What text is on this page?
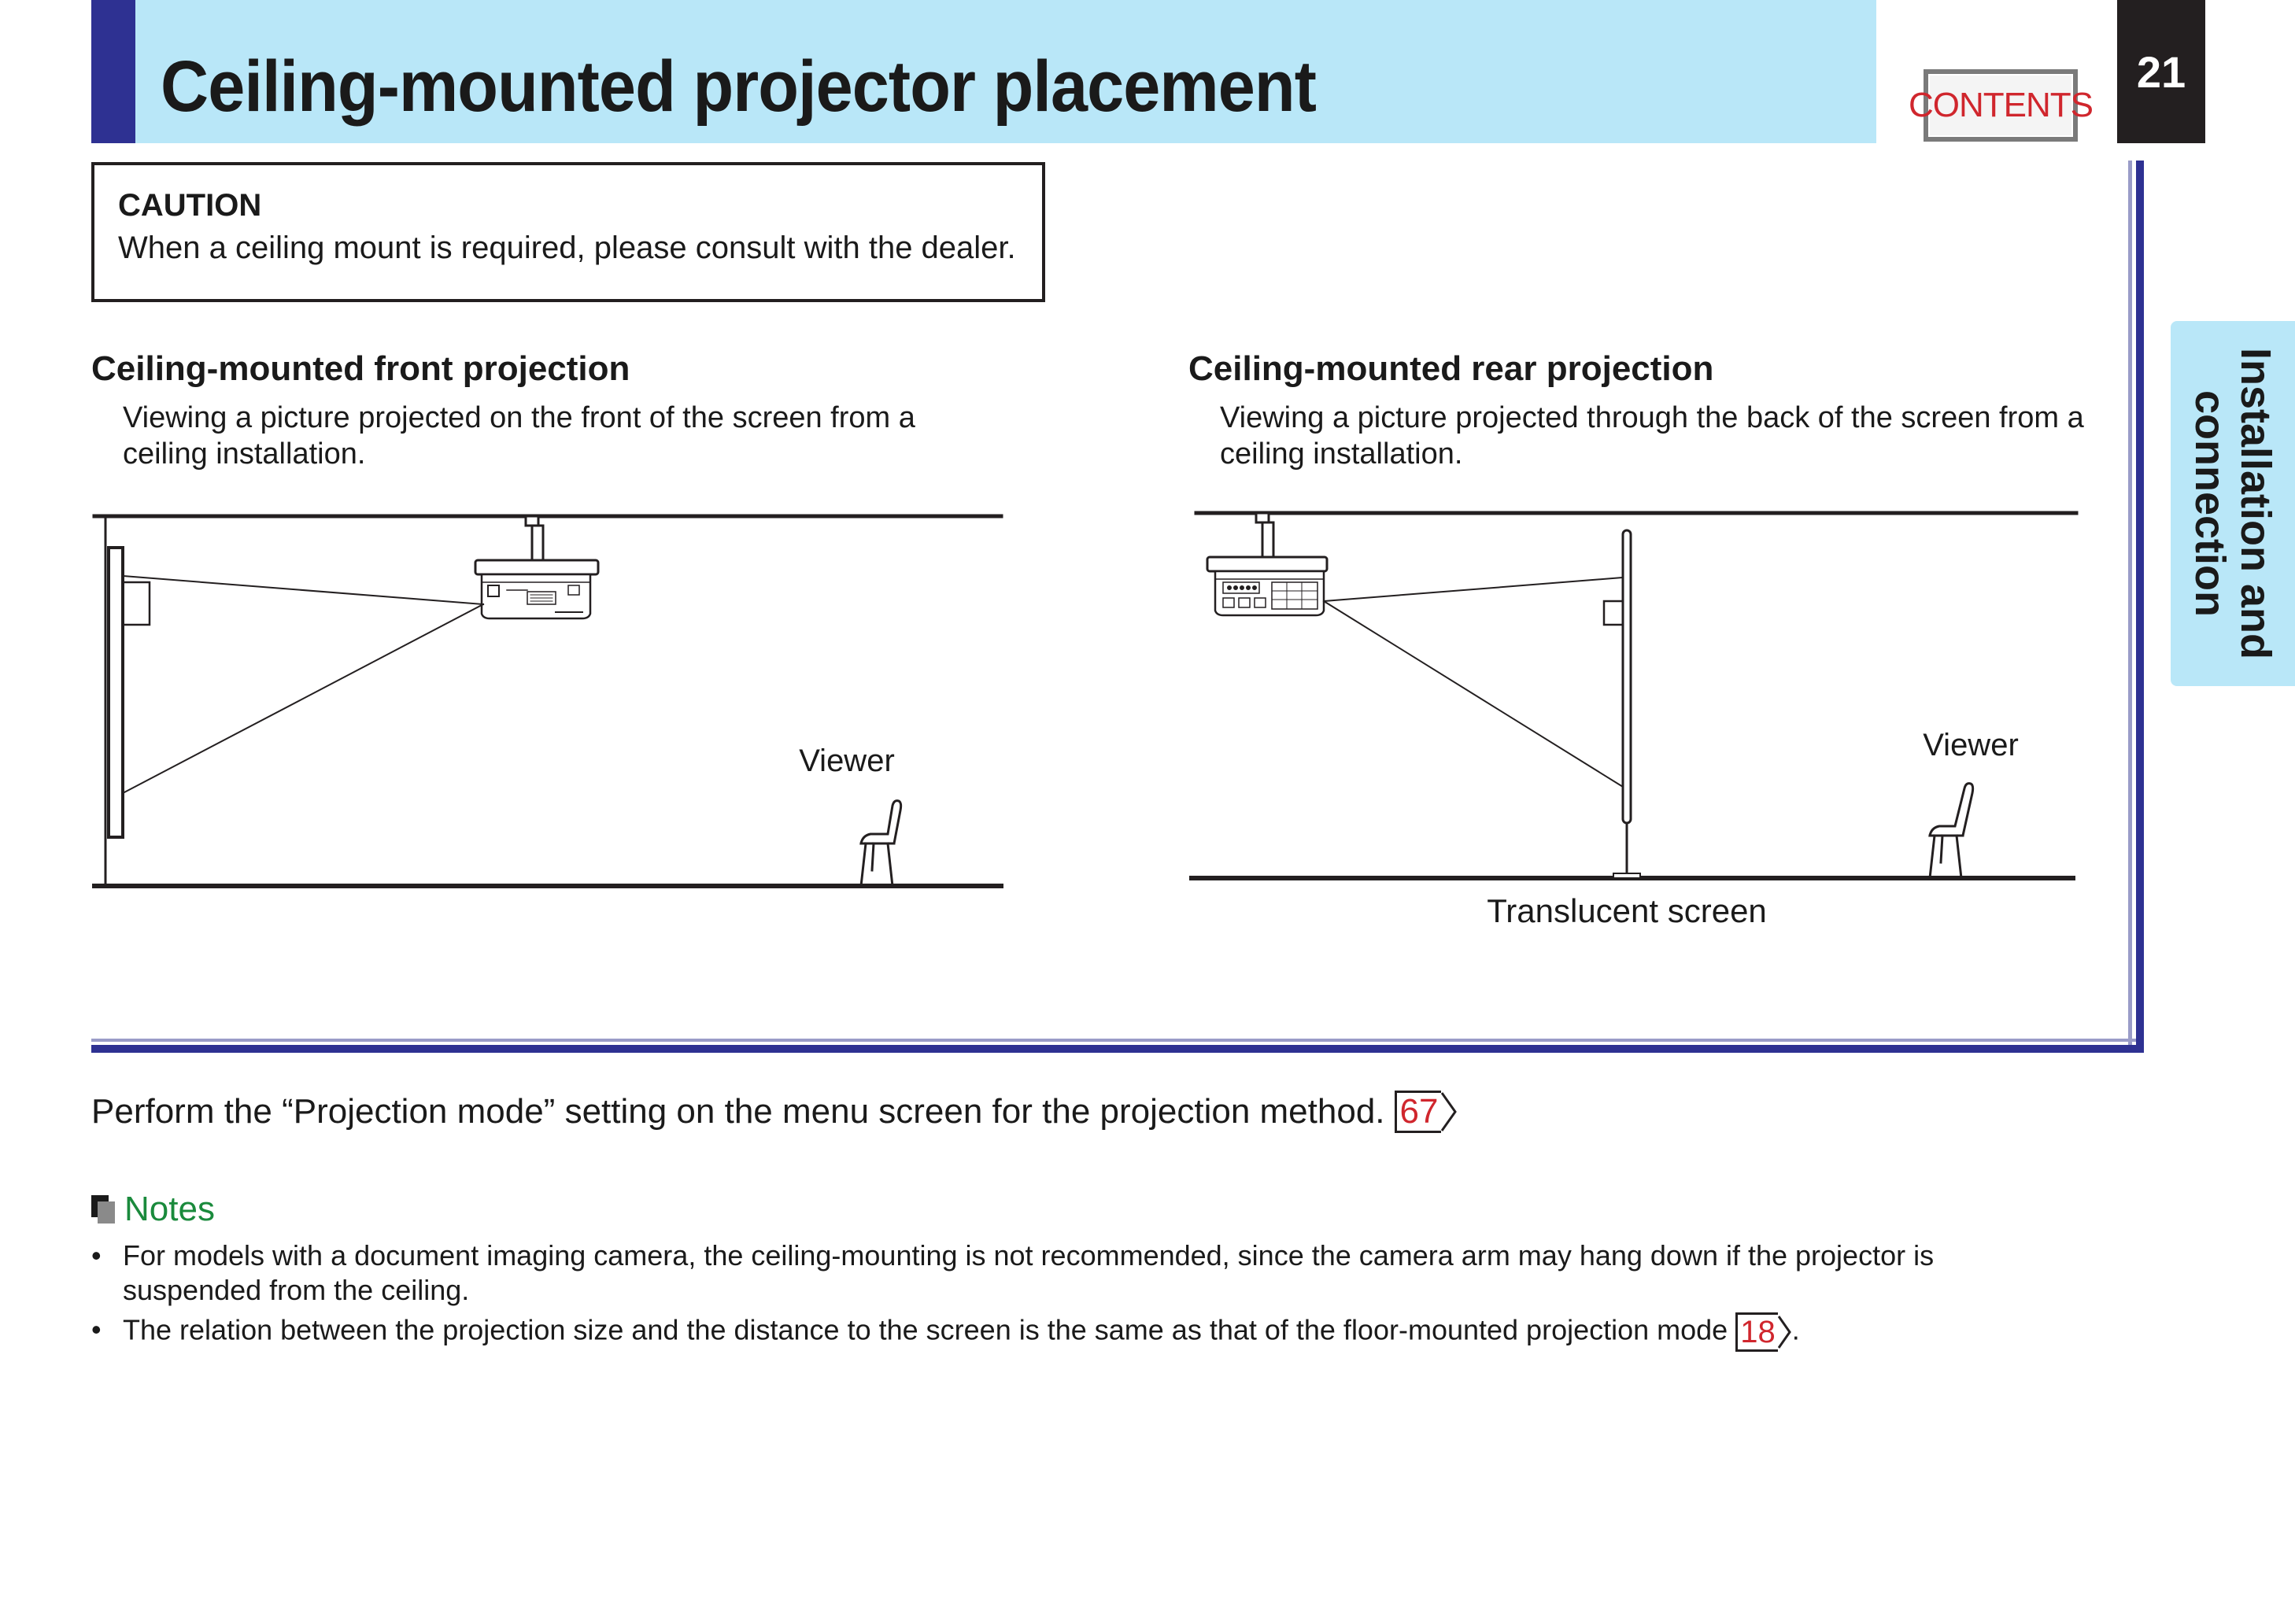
Ceiling-mounted projector placement	CONTENTS
21
Installation and
connection
CAUTION
When a ceiling mount is required, please consult with the dealer.
Ceiling-mounted front projection
Viewing a picture projected on the front of the screen from a
ceiling installation.
Viewer
Ceiling-mounted rear projection
Viewing a picture projected through the back of the screen from a
ceiling installation.
Viewer
Translucent screen
Perform the “Projection mode” setting on the menu screen for the projection method. 67
Notes
• For models with a document imaging camera, the ceiling-mounting is not recommended, since the camera arm may hang down if the projector is
suspended from the ceiling.
• The relation between the projection size and the distance to the screen is the same as that of the floor-mounted projection mode 18 .
